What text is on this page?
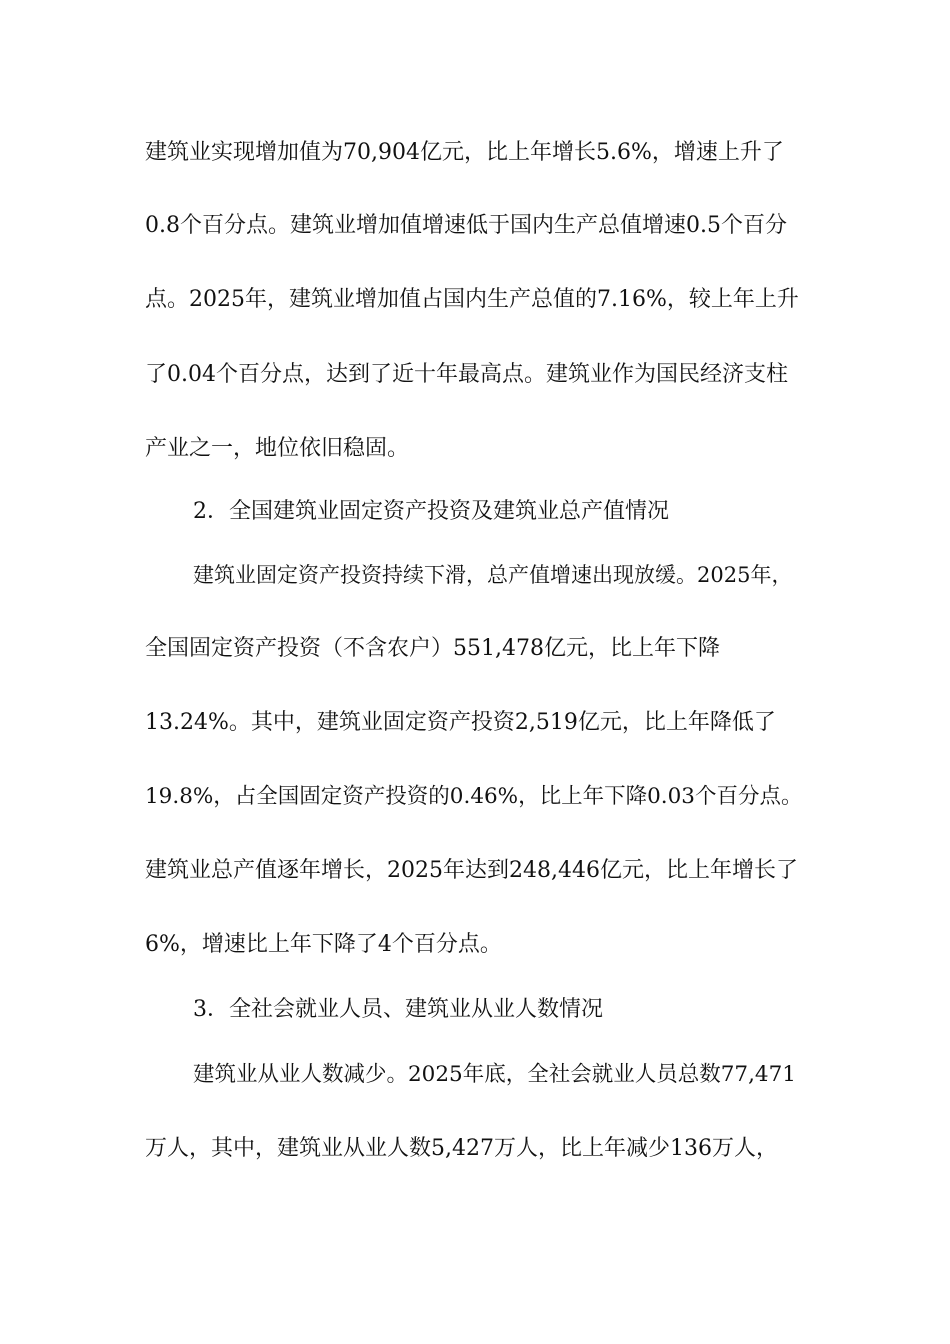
建筑业实现增加值为70,904亿元，比上年增长5.6%，增速上升了
0.8个百分点。建筑业增加值增速低于国内生产总值增速0.5个百分
点。2025年，建筑业增加值占国内生产总值的7.16%，较上年上升
了0.04个百分点，达到了近十年最高点。建筑业作为国民经济支柱
产业之一，地位依旧稳固。
2．全国建筑业固定资产投资及建筑业总产值情况
建筑业固定资产投资持续下滑，总产值增速出现放缓。2025年，
全国固定资产投资（不含农户）551,478亿元，比上年下降
13.24%。其中，建筑业固定资产投资2,519亿元，比上年降低了
19.8%，占全国固定资产投资的0.46%，比上年下降0.03个百分点。
建筑业总产值逐年增长，2025年达到248,446亿元，比上年增长了
6%，增速比上年下降了4个百分点。
3．全社会就业人员、建筑业从业人数情况
建筑业从业人数减少。2025年底，全社会就业人员总数77,471
万人，其中，建筑业从业人数5,427万人，比上年减少136万人，
